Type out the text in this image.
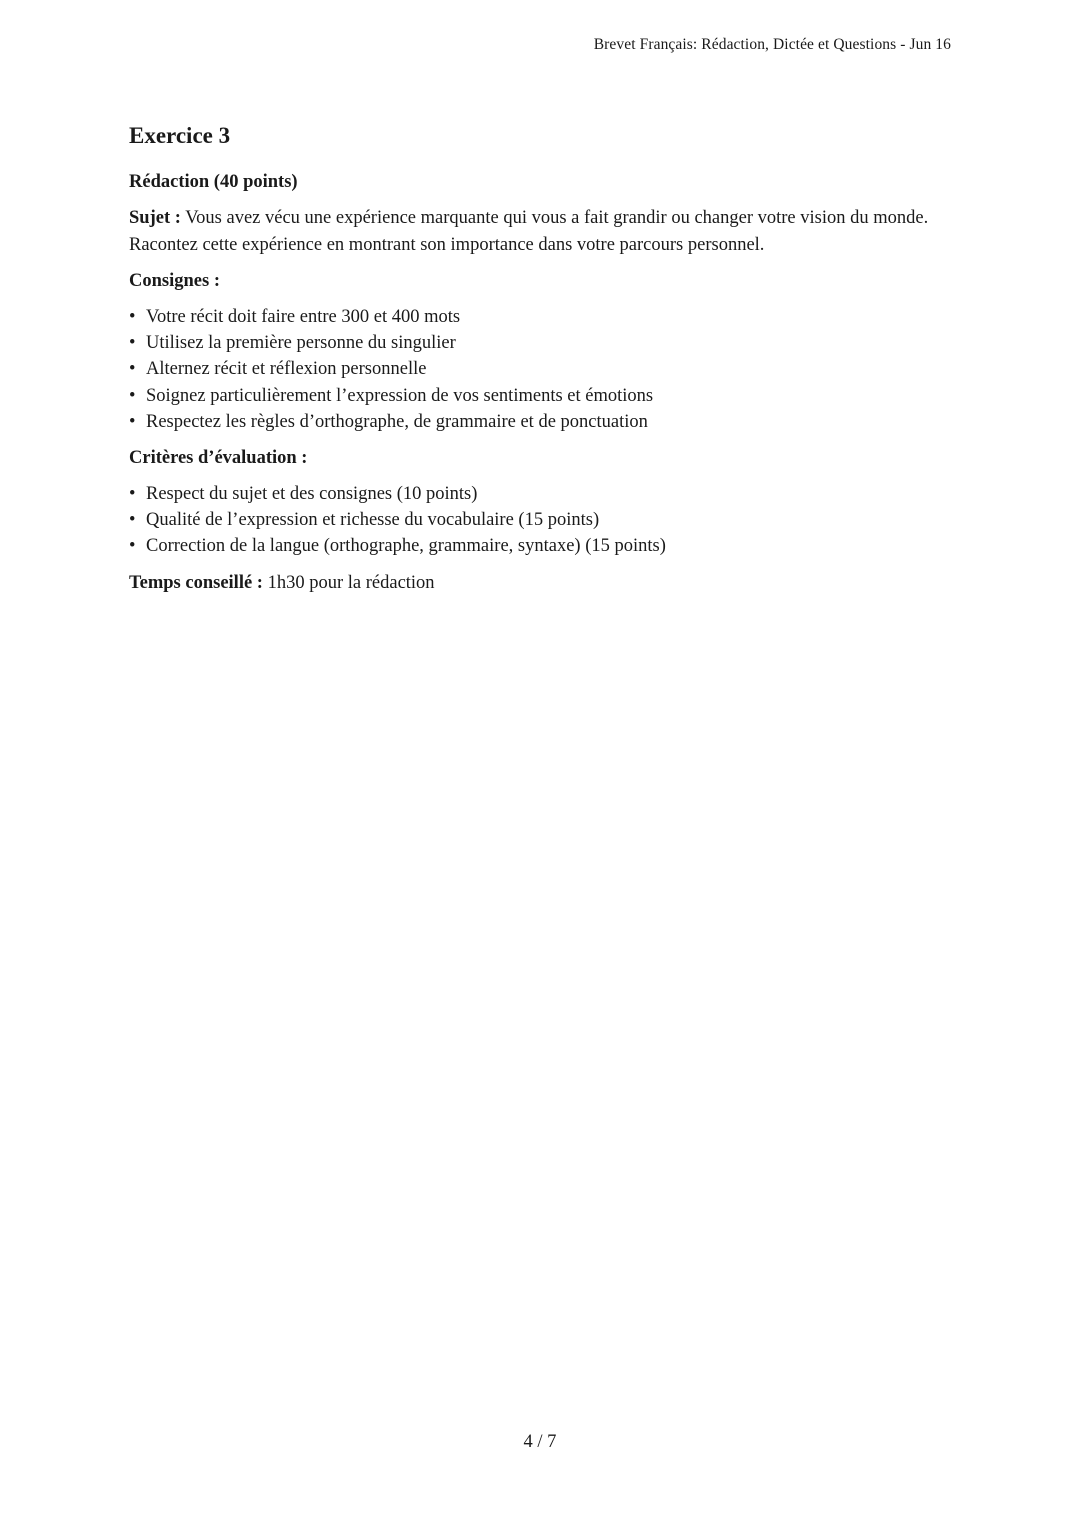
Brevet Français: Rédaction, Dictée et Questions - Jun 16
Exercice 3
Rédaction (40 points)

Sujet : Vous avez vécu une expérience marquante qui vous a fait grandir ou changer votre vision du monde. Racontez cette expérience en montrant son importance dans votre parcours personnel.

Consignes :
• Votre récit doit faire entre 300 et 400 mots
• Utilisez la première personne du singulier
• Alternez récit et réflexion personnelle
• Soignez particulièrement l’expression de vos sentiments et émotions
• Respectez les règles d’orthographe, de grammaire et de ponctuation
Critères d’évaluation :
• Respect du sujet et des consignes (10 points)
• Qualité de l’expression et richesse du vocabulaire (15 points)
• Correction de la langue (orthographe, grammaire, syntaxe) (15 points)

Temps conseillé : 1h30 pour la rédaction

4 / 7
